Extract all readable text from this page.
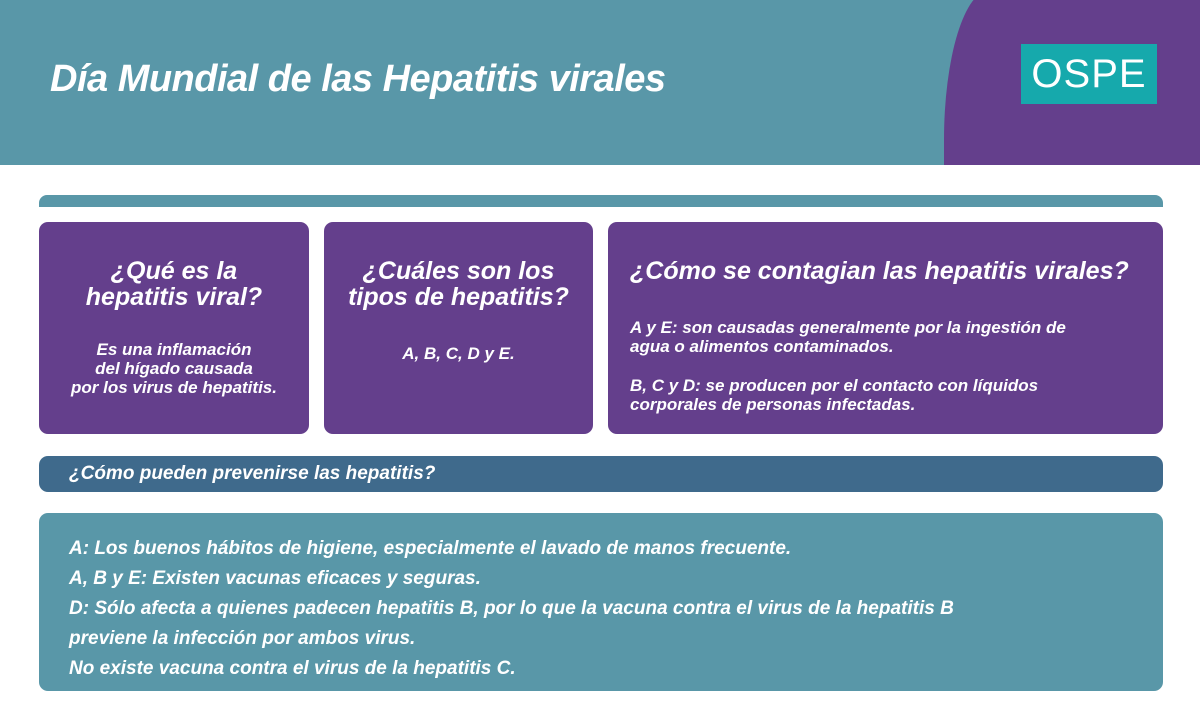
Día Mundial de las Hepatitis virales	OSPE

¿Qué es la
hepatitis viral?

Es una inflamación
del hígado causada
por los virus de hepatitis.

¿Cuáles son los
tipos de hepatitis?

A, B, C, D y E.

¿Cómo se contagian las hepatitis virales?

A y E: son causadas generalmente por la ingestión de
agua o alimentos contaminados.

B, C y D: se producen por el contacto con líquidos
corporales de personas infectadas.

¿Cómo pueden prevenirse las hepatitis?

A: Los buenos hábitos de higiene, especialmente el lavado de manos frecuente.

A, B y E: Existen vacunas eficaces y seguras.

D: Sólo afecta a quienes padecen hepatitis B, por lo que la vacuna contra el virus de la hepatitis B

previene la infección por ambos virus.

No existe vacuna contra el virus de la hepatitis C.
